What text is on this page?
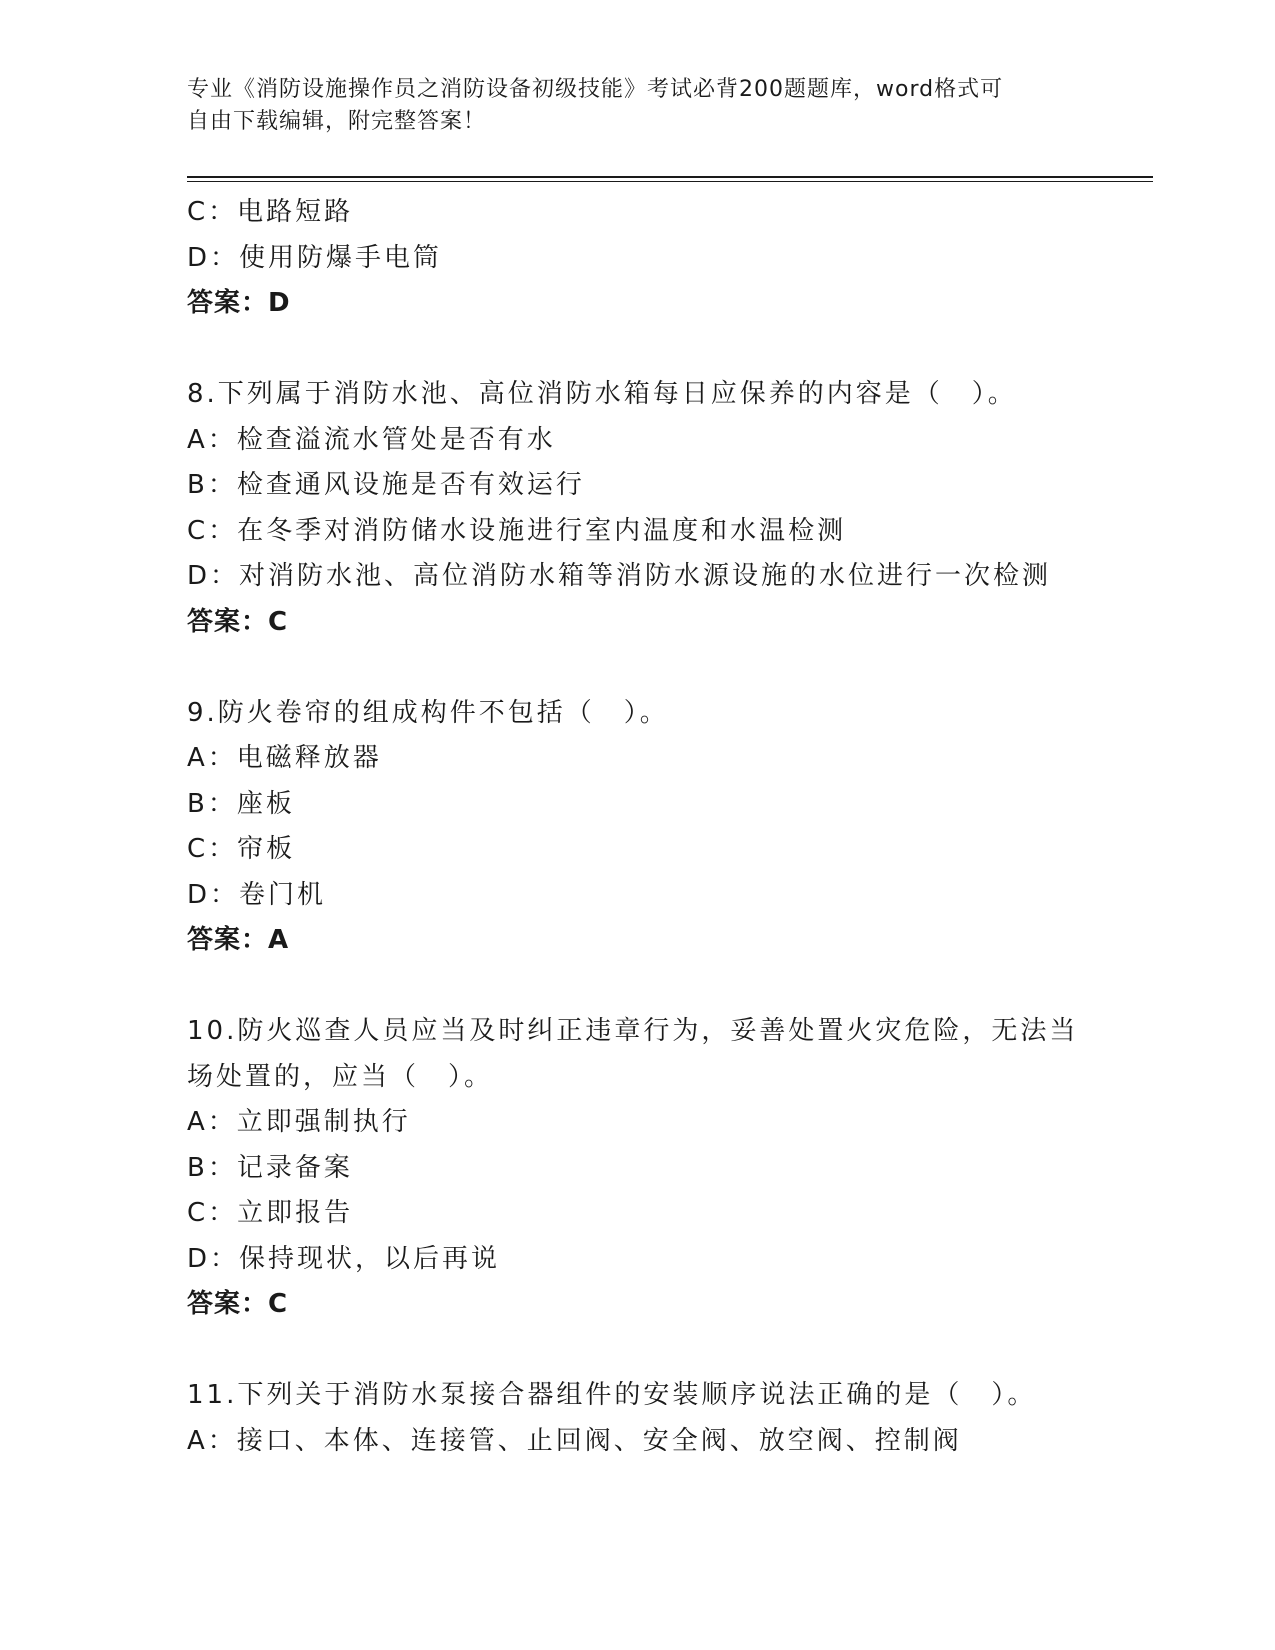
专业《消防设施操作员之消防设备初级技能》考试必背200题题库，word格式可
自由下载编辑，附完整答案！
C：电路短路
D：使用防爆手电筒
答案：D
8.下列属于消防水池、高位消防水箱每日应保养的内容是（　）。
A：检查溢流水管处是否有水
B：检查通风设施是否有效运行
C：在冬季对消防储水设施进行室内温度和水温检测
D：对消防水池、高位消防水箱等消防水源设施的水位进行一次检测
答案：C
9.防火卷帘的组成构件不包括（　）。
A：电磁释放器
B：座板
C：帘板
D：卷门机
答案：A
10.防火巡查人员应当及时纠正违章行为，妥善处置火灾危险，无法当
场处置的，应当（　）。
A：立即强制执行
B：记录备案
C：立即报告
D：保持现状，以后再说
答案：C
11.下列关于消防水泵接合器组件的安装顺序说法正确的是（　）。
A：接口、本体、连接管、止回阀、安全阀、放空阀、控制阀
